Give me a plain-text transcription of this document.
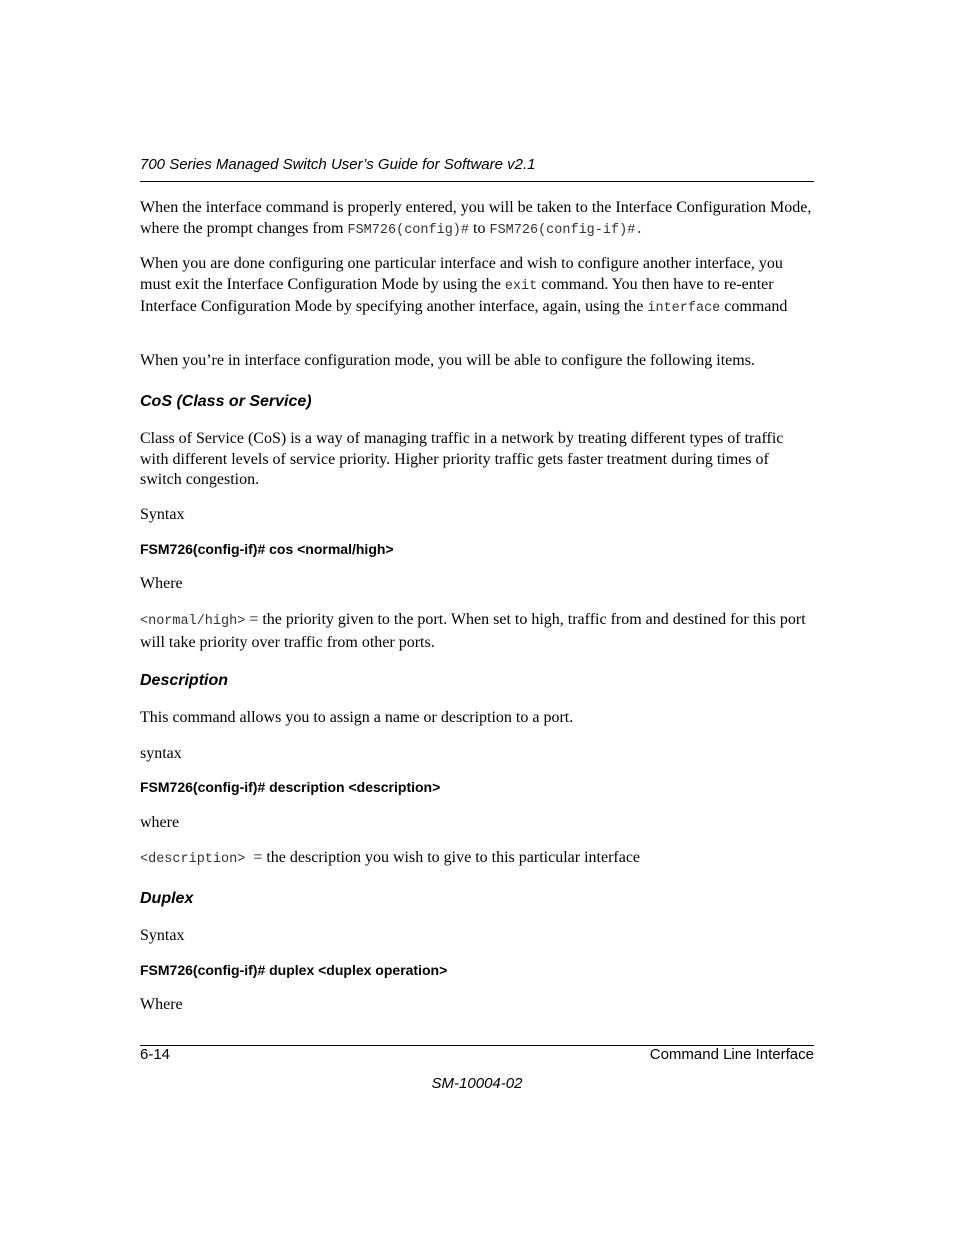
700 Series Managed Switch User’s Guide for Software v2.1

When the interface command is properly entered, you will be taken to the Interface Configuration Mode, where the prompt changes from FSM726(config)# to FSM726(config-if)#.

When you are done configuring one particular interface and wish to configure another interface, you must exit the Interface Configuration Mode by using the exit command. You then have to re-enter Interface Configuration Mode by specifying another interface, again, using the interface command

When you’re in interface configuration mode, you will be able to configure the following items.

CoS (Class or Service)

Class of Service (CoS) is a way of managing traffic in a network by treating different types of traffic with different levels of service priority. Higher priority traffic gets faster treatment during times of switch congestion.

Syntax

FSM726(config-if)# cos <normal/high>

Where

<normal/high> = the priority given to the port. When set to high, traffic from and destined for this port will take priority over traffic from other ports.

Description

This command allows you to assign a name or description to a port.

syntax

FSM726(config-if)# description <description>

where

<description>  = the description you wish to give to this particular interface

Duplex

Syntax

FSM726(config-if)# duplex <duplex operation>

Where

6-14	Command Line Interface
SM-10004-02
